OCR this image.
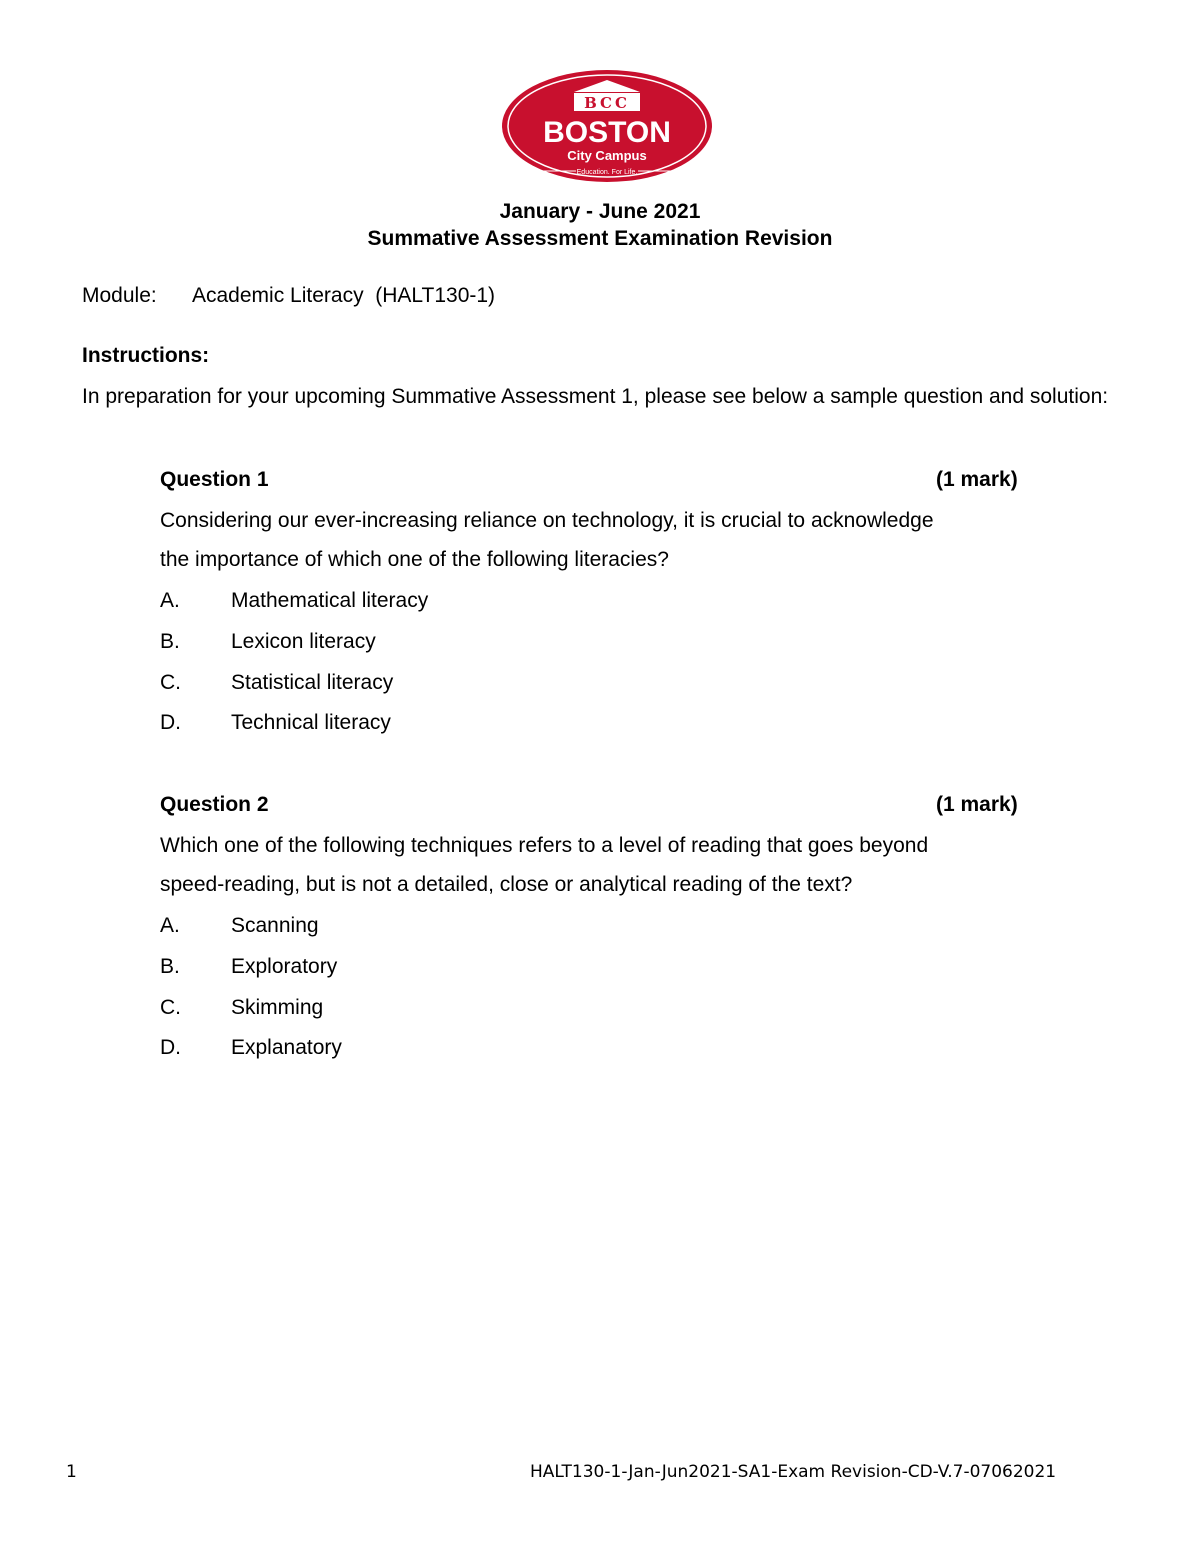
BCC
BOSTON
City Campus
Education. For Life.
January - June 2021
Summative Assessment Examination Revision
Module: Academic Literacy  (HALT130-1)
Instructions:
In preparation for your upcoming Summative Assessment 1, please see below a sample question and solution:
Question 1	(1 mark)
Considering our ever-increasing reliance on technology, it is crucial to acknowledge
the importance of which one of the following literacies?
A. Mathematical literacy
B. Lexicon literacy
C. Statistical literacy
D. Technical literacy
Question 2	(1 mark)
Which one of the following techniques refers to a level of reading that goes beyond
speed-reading, but is not a detailed, close or analytical reading of the text?
A. Scanning
B. Exploratory
C. Skimming
D. Explanatory
1	HALT130-1-Jan-Jun2021-SA1-Exam Revision-CD-V.7-07062021
